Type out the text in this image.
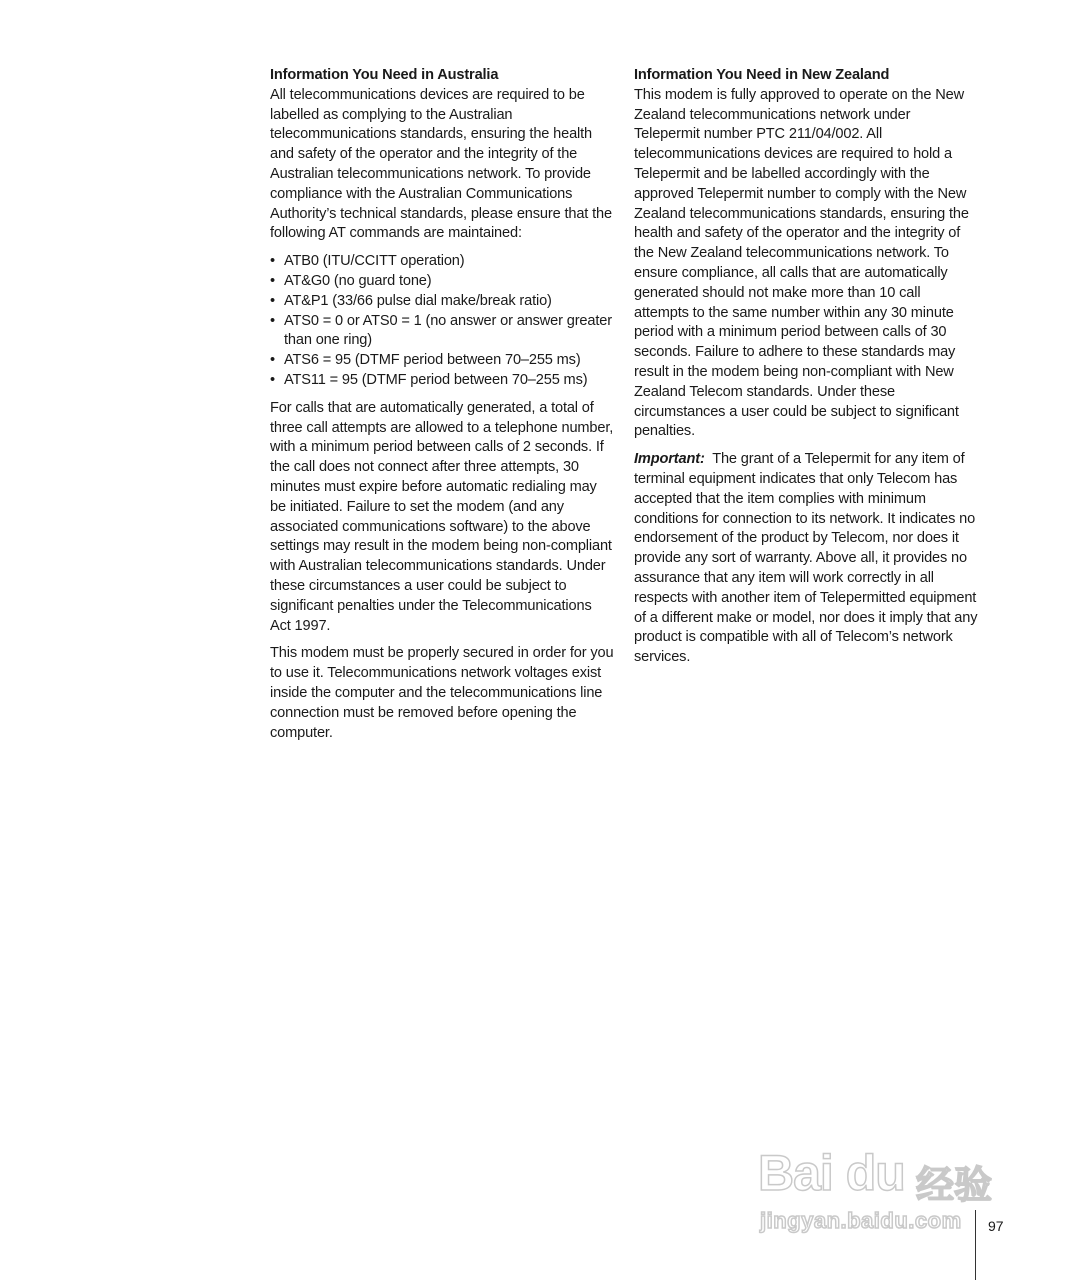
Information You Need in Australia

All telecommunications devices are required to be labelled as complying to the Australian telecommunications standards, ensuring the health and safety of the operator and the integrity of the Australian telecommunications network. To provide compliance with the Australian Communications Authority’s technical standards, please ensure that the following AT commands are maintained:

• ATB0 (ITU/CCITT operation)
• AT&G0 (no guard tone)
• AT&P1 (33/66 pulse dial make/break ratio)
• ATS0 = 0 or ATS0 = 1 (no answer or answer greater than one ring)
• ATS6 = 95 (DTMF period between 70–255 ms)
• ATS11 = 95 (DTMF period between 70–255 ms)

For calls that are automatically generated, a total of three call attempts are allowed to a telephone number, with a minimum period between calls of 2 seconds. If the call does not connect after three attempts, 30 minutes must expire before automatic redialing may be initiated. Failure to set the modem (and any associated communications software) to the above settings may result in the modem being non-compliant with Australian telecommunications standards. Under these circumstances a user could be subject to significant penalties under the Telecommunications Act 1997.

This modem must be properly secured in order for you to use it. Telecommunications network voltages exist inside the computer and the telecommunications line connection must be removed before opening the computer.

Information You Need in New Zealand

This modem is fully approved to operate on the New Zealand telecommunications network under Telepermit number PTC 211/04/002. All telecommunications devices are required to hold a Telepermit and be labelled accordingly with the approved Telepermit number to comply with the New Zealand telecommunications standards, ensuring the health and safety of the operator and the integrity of the New Zealand telecommunications network. To ensure compliance, all calls that are automatically generated should not make more than 10 call attempts to the same number within any 30 minute period with a minimum period between calls of 30 seconds. Failure to adhere to these standards may result in the modem being non-compliant with New Zealand Telecom standards. Under these circumstances a user could be subject to significant penalties.

Important: The grant of a Telepermit for any item of terminal equipment indicates that only Telecom has accepted that the item complies with minimum conditions for connection to its network. It indicates no endorsement of the product by Telecom, nor does it provide any sort of warranty. Above all, it provides no assurance that any item will work correctly in all respects with another item of Telepermitted equipment of a different make or model, nor does it imply that any product is compatible with all of Telecom’s network services.

Bai du 经验
jingyan.baidu.com 97
